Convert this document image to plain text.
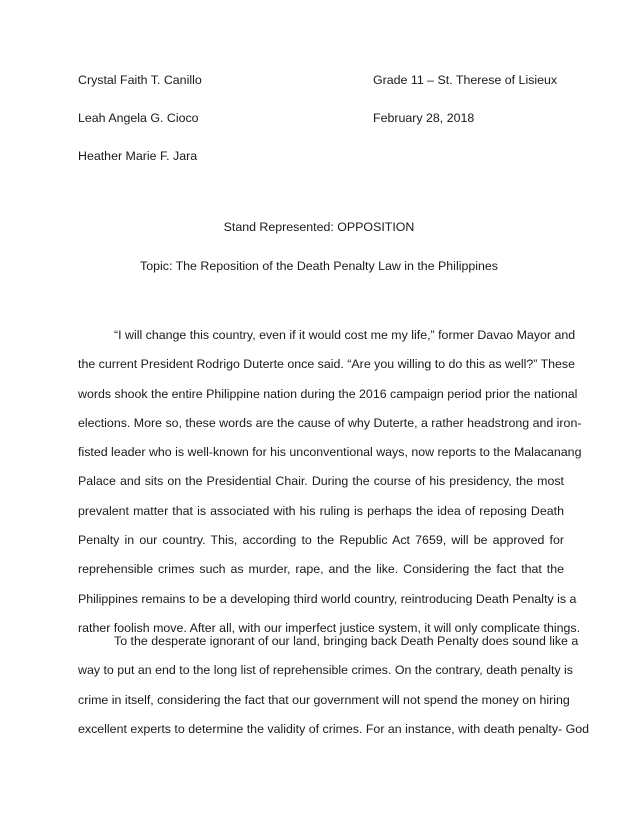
Crystal Faith T. Canillo	Grade 11 – St. Therese of Lisieux
Leah Angela G. Cioco	February 28, 2018
Heather Marie F. Jara
Stand Represented: OPPOSITION
Topic: The Reposition of the Death Penalty Law in the Philippines
“I will change this country, even if it would cost me my life,” former Davao Mayor and
the current President Rodrigo Duterte once said. “Are you willing to do this as well?” These
words shook the entire Philippine nation during the 2016 campaign period prior the national
elections. More so, these words are the cause of why Duterte, a rather headstrong and iron-
fisted leader who is well-known for his unconventional ways, now reports to the Malacanang
Palace and sits on the Presidential Chair. During the course of his presidency, the most
prevalent matter that is associated with his ruling is perhaps the idea of reposing Death
Penalty in our country. This, according to the Republic Act 7659, will be approved for
reprehensible crimes such as murder, rape, and the like. Considering the fact that the
Philippines remains to be a developing third world country, reintroducing Death Penalty is a
rather foolish move. After all, with our imperfect justice system, it will only complicate things.
To the desperate ignorant of our land, bringing back Death Penalty does sound like a
way to put an end to the long list of reprehensible crimes. On the contrary, death penalty is
crime in itself, considering the fact that our government will not spend the money on hiring
excellent experts to determine the validity of crimes. For an instance, with death penalty- God
